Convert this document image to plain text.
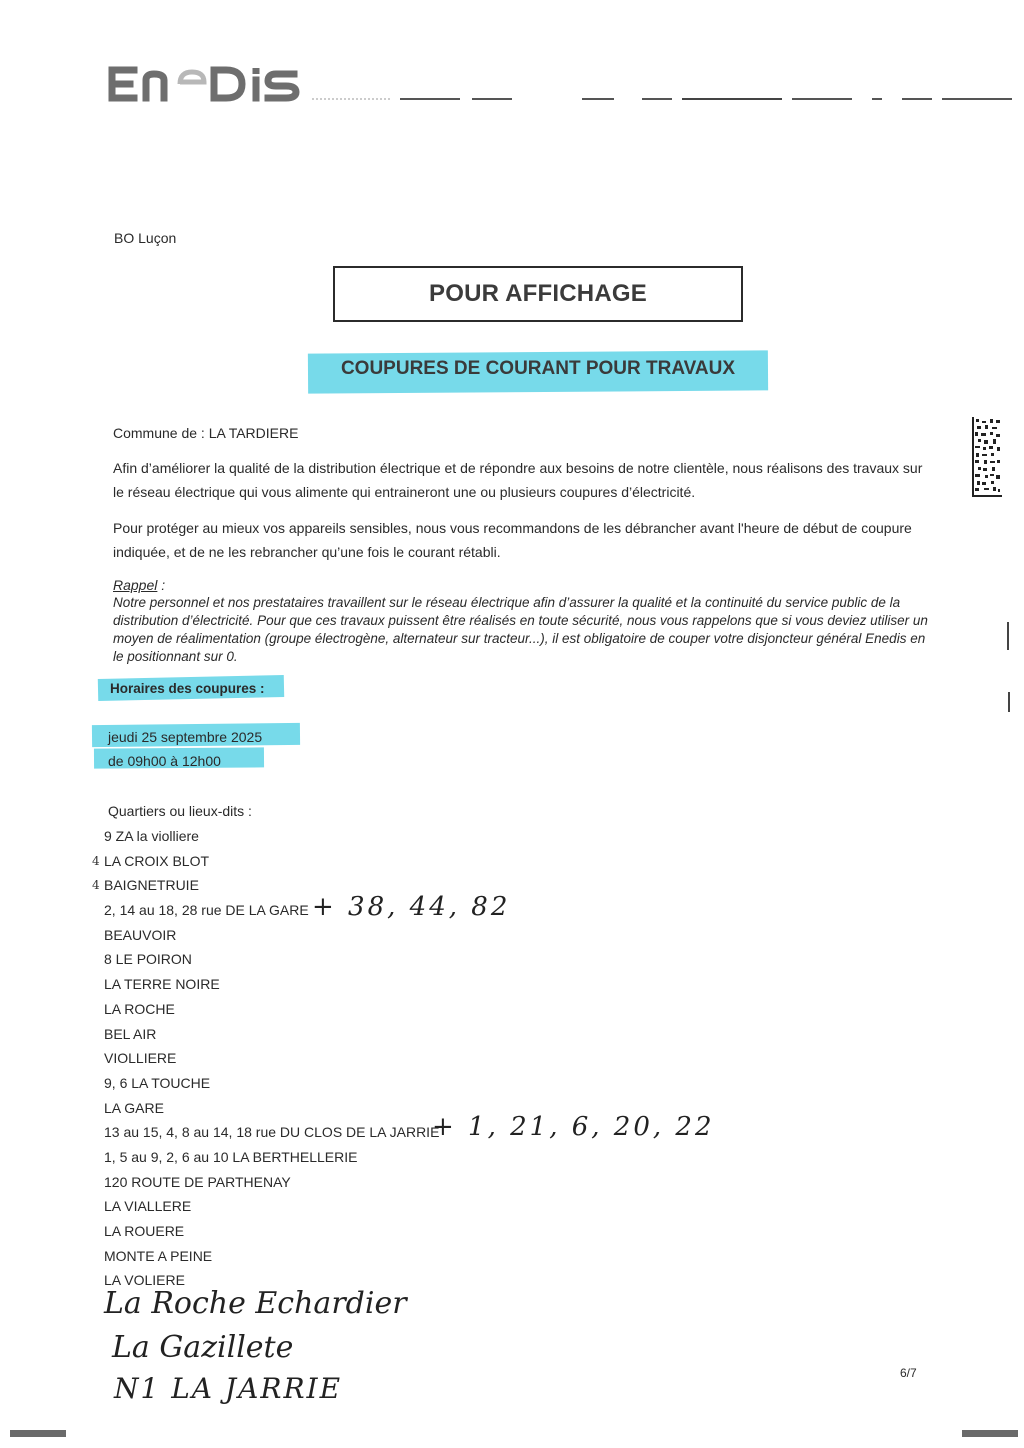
BO Luçon
POUR AFFICHAGE
COUPURES DE COURANT POUR TRAVAUX
Commune de : LA TARDIERE
Afin d’améliorer la qualité de la distribution électrique et de répondre aux besoins de notre clientèle, nous réalisons des travaux sur le réseau électrique qui vous alimente qui entraineront une ou plusieurs coupures d’électricité.
Pour protéger au mieux vos appareils sensibles, nous vous recommandons de les débrancher avant l'heure de début de coupure indiquée, et de ne les rebrancher qu’une fois le courant rétabli.
Rappel :
Notre personnel et nos prestataires travaillent sur le réseau électrique afin d’assurer la qualité et la continuité du service public de la distribution d’électricité. Pour que ces travaux puissent être réalisés en toute sécurité, nous vous rappelons que si vous deviez utiliser un moyen de réalimentation (groupe électrogène, alternateur sur tracteur...), il est obligatoire de couper votre disjoncteur général Enedis en le positionnant sur 0.
Horaires des coupures :
jeudi 25 septembre 2025
de 09h00 à 12h00
Quartiers ou lieux-dits :
9 ZA la violliere
4 LA CROIX BLOT
4 BAIGNETRUIE
2, 14 au 18, 28 rue DE LA GARE
BEAUVOIR
8 LE POIRON
LA TERRE NOIRE
LA ROCHE
BEL AIR
VIOLLIERE
9, 6 LA TOUCHE
LA GARE
13 au 15, 4, 8 au 14, 18 rue DU CLOS DE LA JARRIE
1, 5 au 9, 2, 6 au 10 LA BERTHELLERIE
120 ROUTE DE PARTHENAY
LA VIALLERE
LA ROUERE
MONTE A PEINE
LA VOLIERE
+ 38, 44, 82
+ 1, 21, 6, 20, 22
La Roche Echardier
La Gazillete
N1 LA JARRIE	6/7
